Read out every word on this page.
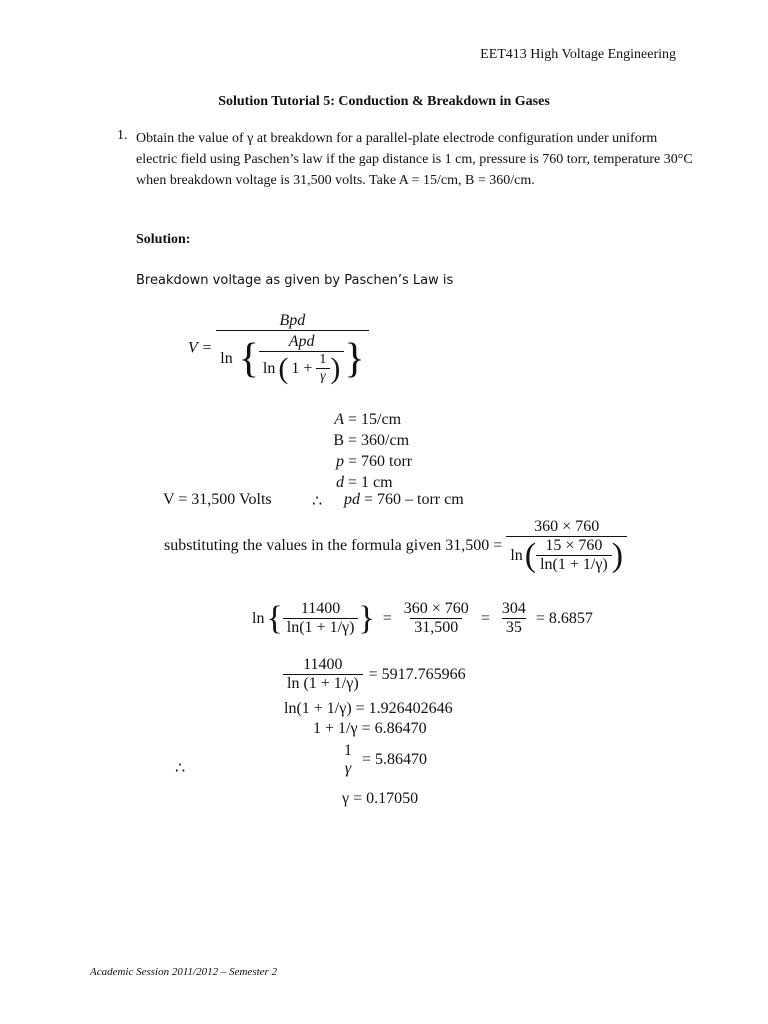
EET413 High Voltage Engineering
Solution Tutorial 5: Conduction & Breakdown in Gases
1. Obtain the value of γ at breakdown for a parallel-plate electrode configuration under uniform electric field using Paschen’s law if the gap distance is 1 cm, pressure is 760 torr, temperature 30°C when breakdown voltage is 31,500 volts. Take A = 15/cm, B = 360/cm.
Solution:
Breakdown voltage as given by Paschen’s Law is
V =
Bpd
ln { Apd
ln ( $1 + \frac{1}{\gamma}$ ) }
A = 15/cm
B = 360/cm
p = 760 torr
d = 1 cm
V = 31,500 Volts	∴ pd = 760 – torr cm
substituting the values in the formula given 31,500 =
360 × 760
ln ( $\frac{15 \times 760}{\ln(1 + 1/\gamma)}$ )
ln { $\frac{11400}{\ln(1 + 1/\gamma)}$ } = $\frac{360 \times 760}{31,500} = \frac{304}{35} = 8.6857$
$\frac{11400}{\ln (1 + 1/\gamma)} = 5917.765966$
ln(1 + 1/γ) = 1.926402646
1 + 1/γ = 6.86470
∴
1
γ
= 5.86470
γ = 0.17050
Academic Session 2011/2012 – Semester 2
